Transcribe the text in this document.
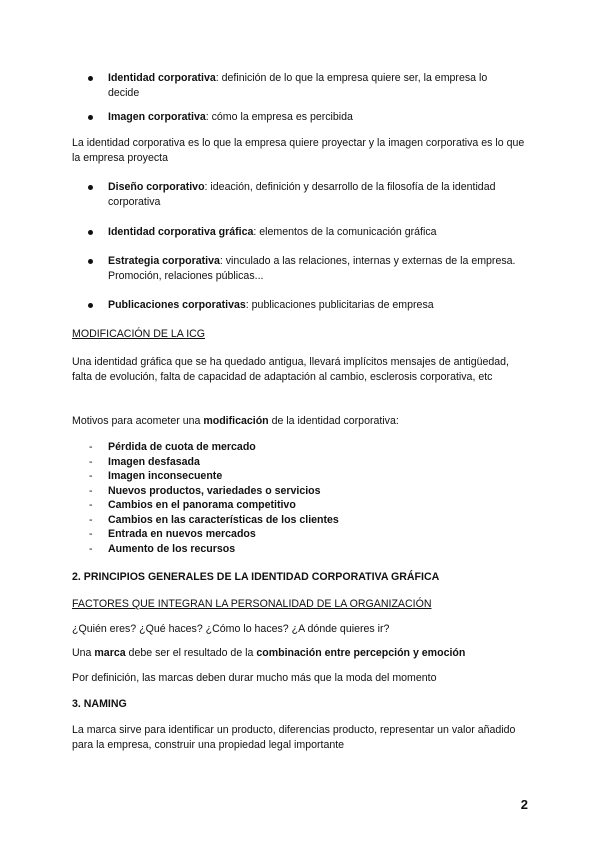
Identidad corporativa: definición de lo que la empresa quiere ser, la empresa lo decide
Imagen corporativa: cómo la empresa es percibida
La identidad corporativa es lo que la empresa quiere proyectar y la imagen corporativa es lo que la empresa proyecta
Diseño corporativo: ideación, definición y desarrollo de la filosofía de la identidad corporativa
Identidad corporativa gráfica: elementos de la comunicación gráfica
Estrategia corporativa: vinculado a las relaciones, internas y externas de la empresa. Promoción, relaciones públicas...
Publicaciones corporativas: publicaciones publicitarias de empresa
MODIFICACIÓN DE LA ICG
Una identidad gráfica que se ha quedado antigua, llevará implícitos mensajes de antigüedad, falta de evolución, falta de capacidad de adaptación al cambio, esclerosis corporativa, etc
Motivos para acometer una modificación de la identidad corporativa:
- Pérdida de cuota de mercado
- Imagen desfasada
- Imagen inconsecuente
- Nuevos productos, variedades o servicios
- Cambios en el panorama competitivo
- Cambios en las características de los clientes
- Entrada en nuevos mercados
- Aumento de los recursos
2. PRINCIPIOS GENERALES DE LA IDENTIDAD CORPORATIVA GRÁFICA
FACTORES QUE INTEGRAN LA PERSONALIDAD DE LA ORGANIZACIÓN
¿Quién eres? ¿Qué haces? ¿Cómo lo haces? ¿A dónde quieres ir?
Una marca debe ser el resultado de la combinación entre percepción y emoción
Por definición, las marcas deben durar mucho más que la moda del momento
3. NAMING
La marca sirve para identificar un producto, diferencias producto, representar un valor añadido para la empresa, construir una propiedad legal importante
2
